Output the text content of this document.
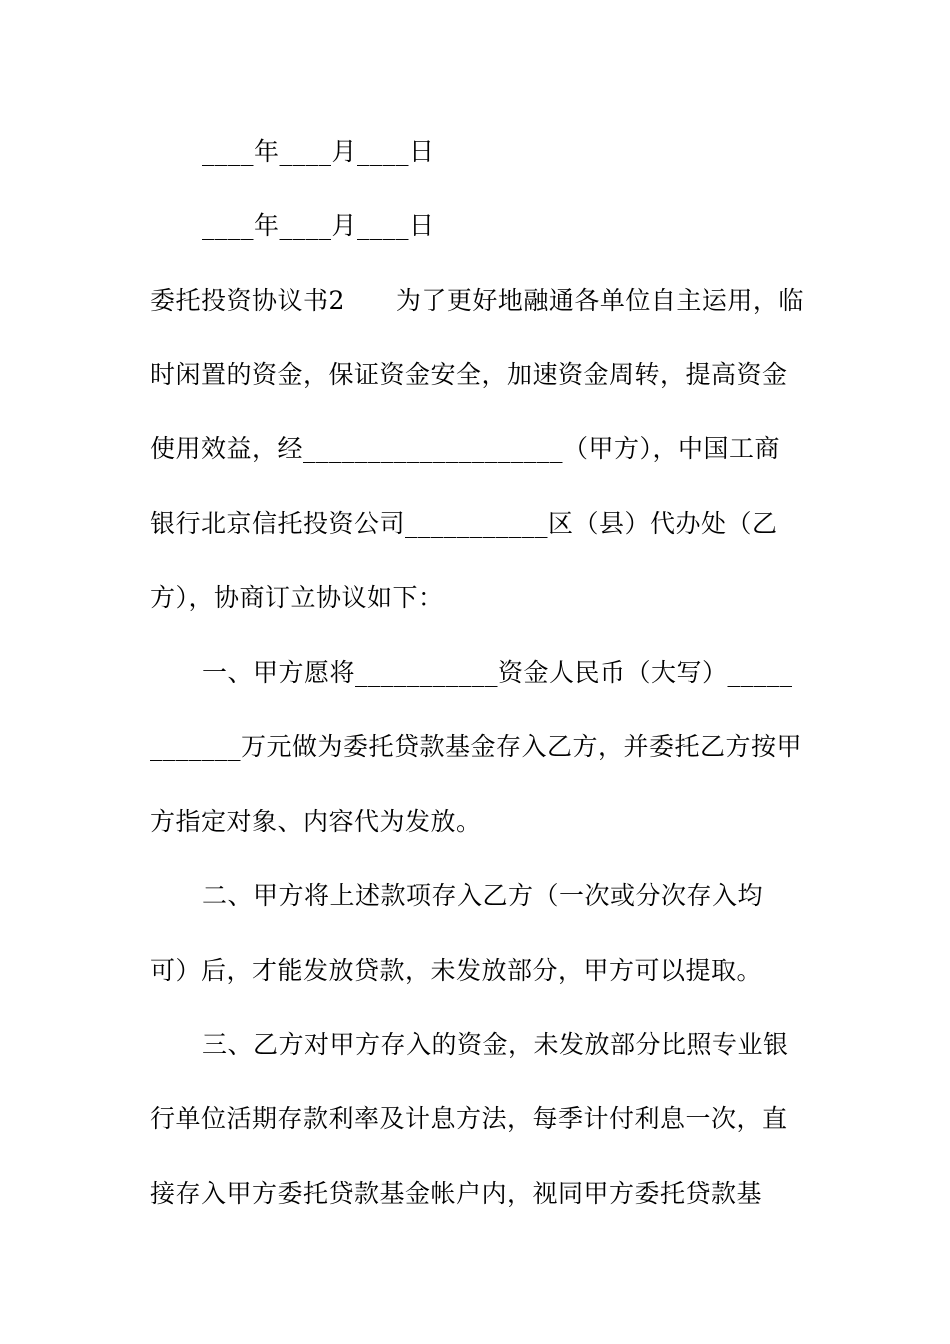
____年____月____日
____年____月____日
委托投资协议书2　　为了更好地融通各单位自主运用，临
时闲置的资金，保证资金安全，加速资金周转，提高资金
使用效益，经____________________（甲方），中国工商
银行北京信托投资公司___________区（县）代办处（乙
方），协商订立协议如下：
一、甲方愿将___________资金人民币（大写）_____
_______万元做为委托贷款基金存入乙方，并委托乙方按甲
方指定对象、内容代为发放。
二、甲方将上述款项存入乙方（一次或分次存入均
可）后，才能发放贷款，未发放部分，甲方可以提取。
三、乙方对甲方存入的资金，未发放部分比照专业银
行单位活期存款利率及计息方法，每季计付利息一次，直
接存入甲方委托贷款基金帐户内，视同甲方委托贷款基
